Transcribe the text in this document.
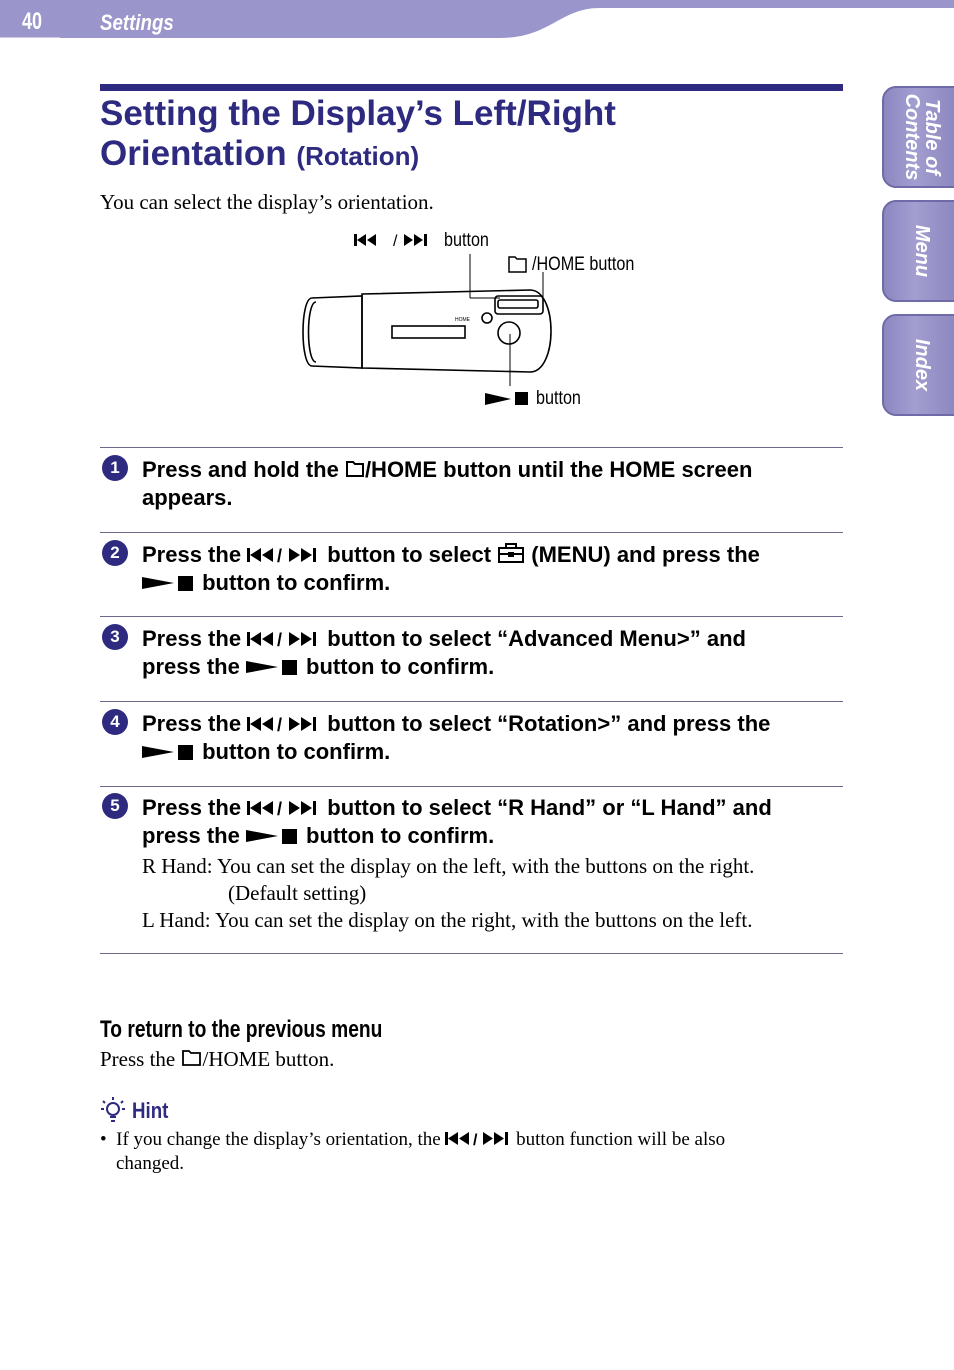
40	Settings
Table of
Contents
Menu
Index
Setting the Display’s Left/Right
Orientation (Rotation)
You can select the display’s orientation.
/
HOME
button
/HOME button
button
1	Press and hold the /HOME button until the HOME screen
appears.
2	Press the / button to select  (MENU) and press the
button to confirm.
3	Press the / button to select “Advanced Menu>” and
press the  button to confirm.
4	Press the / button to select “Rotation>” and press the
button to confirm.
5	Press the / button to select “R Hand” or “L Hand” and
press the  button to confirm.
R Hand: You can set the display on the left, with the buttons on the right.
(Default setting)
L Hand: You can set the display on the right, with the buttons on the left.
To return to the previous menu
Press the /HOME button.
Hint
•  If you change the display’s orientation, the / button function will be also
changed.
